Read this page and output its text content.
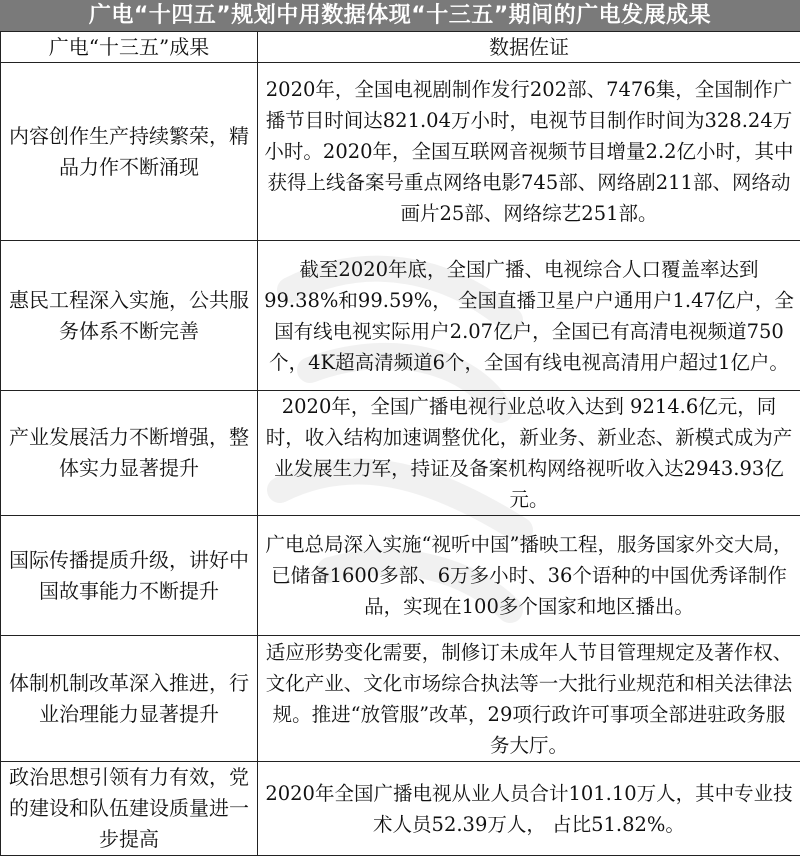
广电“十四五”规划中用数据体现“十三五”期间的广电发展成果
广电“十三五”成果	数据佐证
内容创作生产持续繁荣，精品力作不断涌现	2020年，全国电视剧制作发行202部、7476集，全国制作广播节目时间达821.04万小时，电视节目制作时间为328.24万小时。2020年，全国互联网音视频节目增量2.2亿小时，其中获得上线备案号重点网络电影745部、网络剧211部、网络动画片25部、网络综艺251部。
惠民工程深入实施，公共服务体系不断完善	截至2020年底，全国广播、电视综合人口覆盖率达到99.38%和99.59%， 全国直播卫星户户通用户1.47亿户，全国有线电视实际用户2.07亿户，全国已有高清电视频道750个，4K超高清频道6个，全国有线电视高清用户超过1亿户。
产业发展活力不断增强，整体实力显著提升	2020年，全国广播电视行业总收入达到 9214.6亿元，同时，收入结构加速调整优化，新业务、新业态、新模式成为产业发展生力军，持证及备案机构网络视听收入达2943.93亿元。
国际传播提质升级，讲好中国故事能力不断提升	广电总局深入实施“视听中国”播映工程，服务国家外交大局，已储备1600多部、6万多小时、36个语种的中国优秀译制作品，实现在100多个国家和地区播出。
体制机制改革深入推进，行业治理能力显著提升	适应形势变化需要，制修订未成年人节目管理规定及著作权、文化产业、文化市场综合执法等一大批行业规范和相关法律法规。推进“放管服”改革，29项行政许可事项全部进驻政务服务大厅。
政治思想引领有力有效，党的建设和队伍建设质量进一步提高	2020年全国广播电视从业人员合计101.10万人，其中专业技术人员52.39万人， 占比51.82%。
